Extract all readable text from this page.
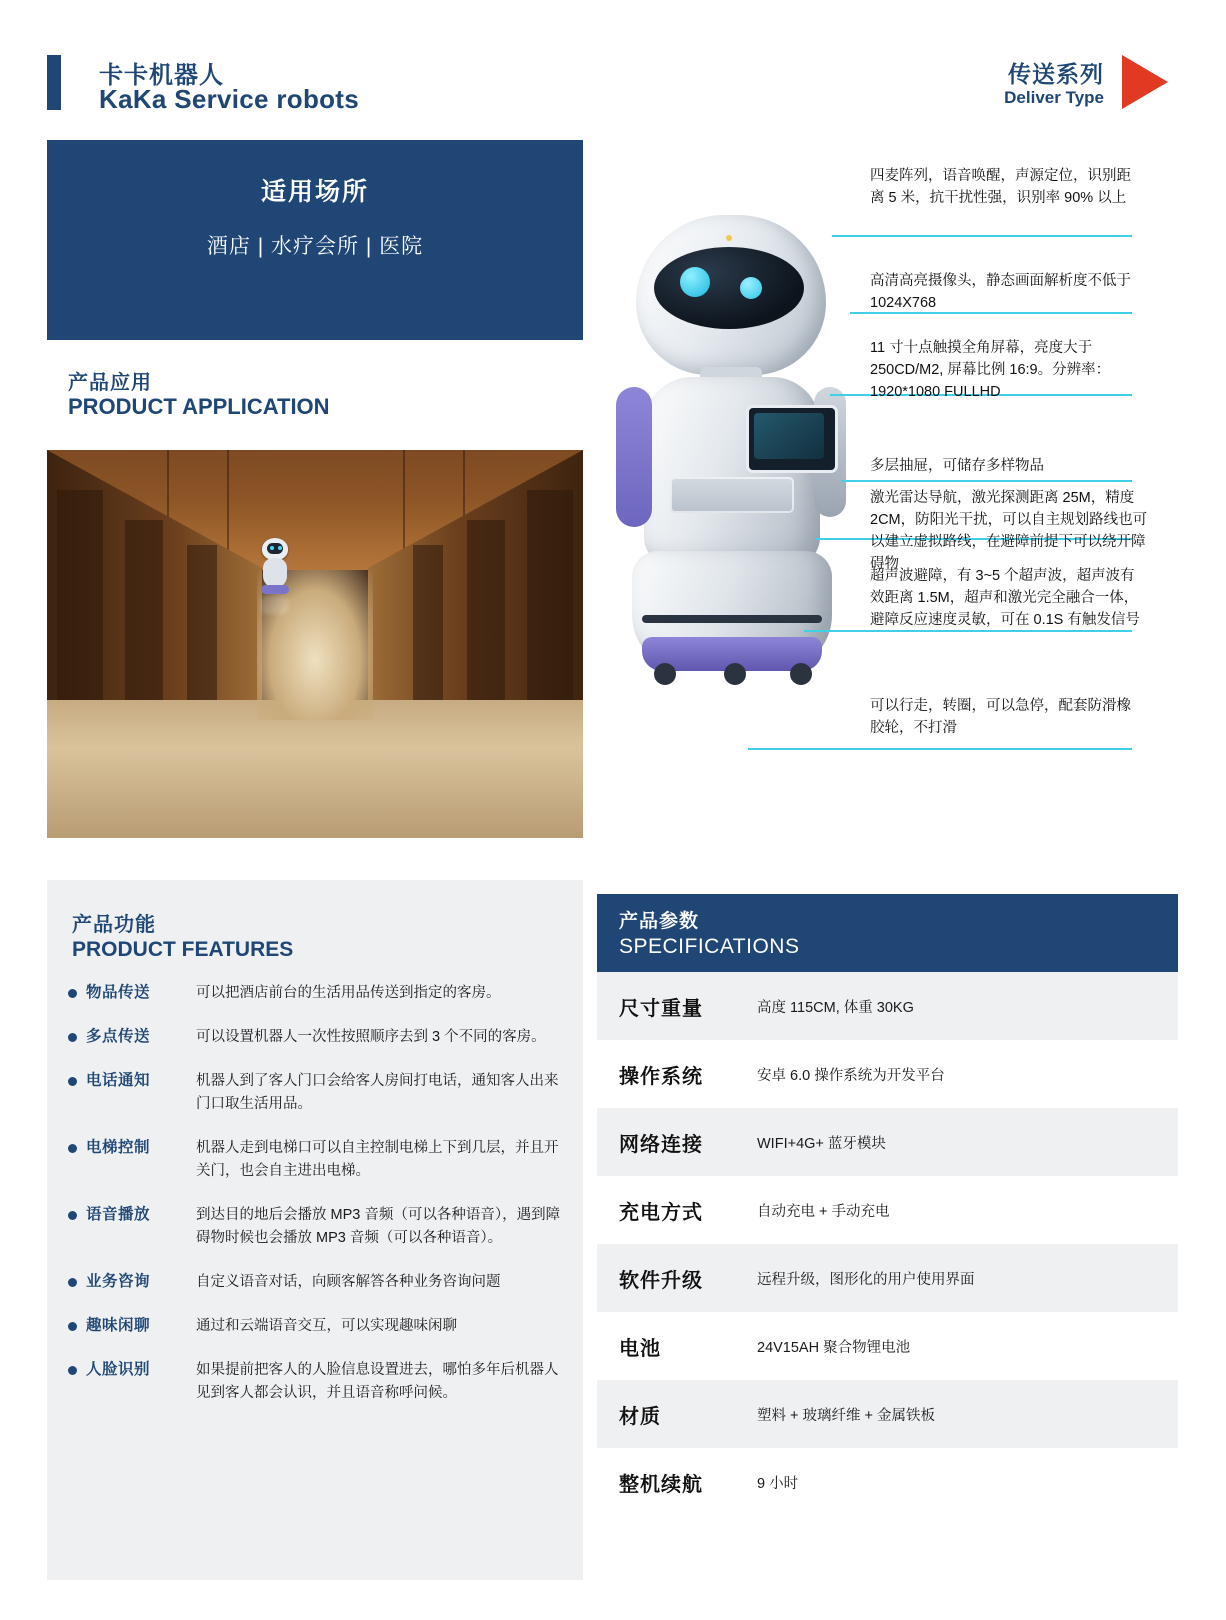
卡卡机器人
KaKa Service robots
传送系列
Deliver Type
适用场所
酒店 | 水疗会所 | 医院
产品应用
PRODUCT APPLICATION
四麦阵列，语音唤醒，声源定位，识别距离 5 米，抗干扰性强，识别率 90% 以上
高清高亮摄像头，静态画面解析度不低于 1024X768
11 寸十点触摸全角屏幕，亮度大于 250CD/M2, 屏幕比例 16:9。分辨率：1920*1080 FULLHD
多层抽屉，可储存多样物品
激光雷达导航，激光探测距离 25M，精度 2CM，防阳光干扰，可以自主规划路线也可以建立虚拟路线，在避障前提下可以绕开障碍物
超声波避障，有 3~5 个超声波，超声波有效距离 1.5M，超声和激光完全融合一体，避障反应速度灵敏，可在 0.1S 有触发信号
可以行走，转圈，可以急停，配套防滑橡胶轮，不打滑
产品功能
PRODUCT FEATURES
物品传送	可以把酒店前台的生活用品传送到指定的客房。
多点传送	可以设置机器人一次性按照顺序去到 3 个不同的客房。
电话通知	机器人到了客人门口会给客人房间打电话，通知客人出来门口取生活用品。
电梯控制	机器人走到电梯口可以自主控制电梯上下到几层，并且开关门，也会自主进出电梯。
语音播放	到达目的地后会播放 MP3 音频（可以各种语音），遇到障碍物时候也会播放 MP3 音频（可以各种语音）。
业务咨询	自定义语音对话，向顾客解答各种业务咨询问题
趣味闲聊	通过和云端语音交互，可以实现趣味闲聊
人脸识别	如果提前把客人的人脸信息设置进去，哪怕多年后机器人见到客人都会认识，并且语音称呼问候。
产品参数
SPECIFICATIONS
尺寸重量	高度 115CM, 体重 30KG
操作系统	安卓 6.0 操作系统为开发平台
网络连接	WIFI+4G+ 蓝牙模块
充电方式	自动充电 + 手动充电
软件升级	远程升级，图形化的用户使用界面
电池	24V15AH 聚合物锂电池
材质	塑料 + 玻璃纤维 + 金属铁板
整机续航	9 小时
